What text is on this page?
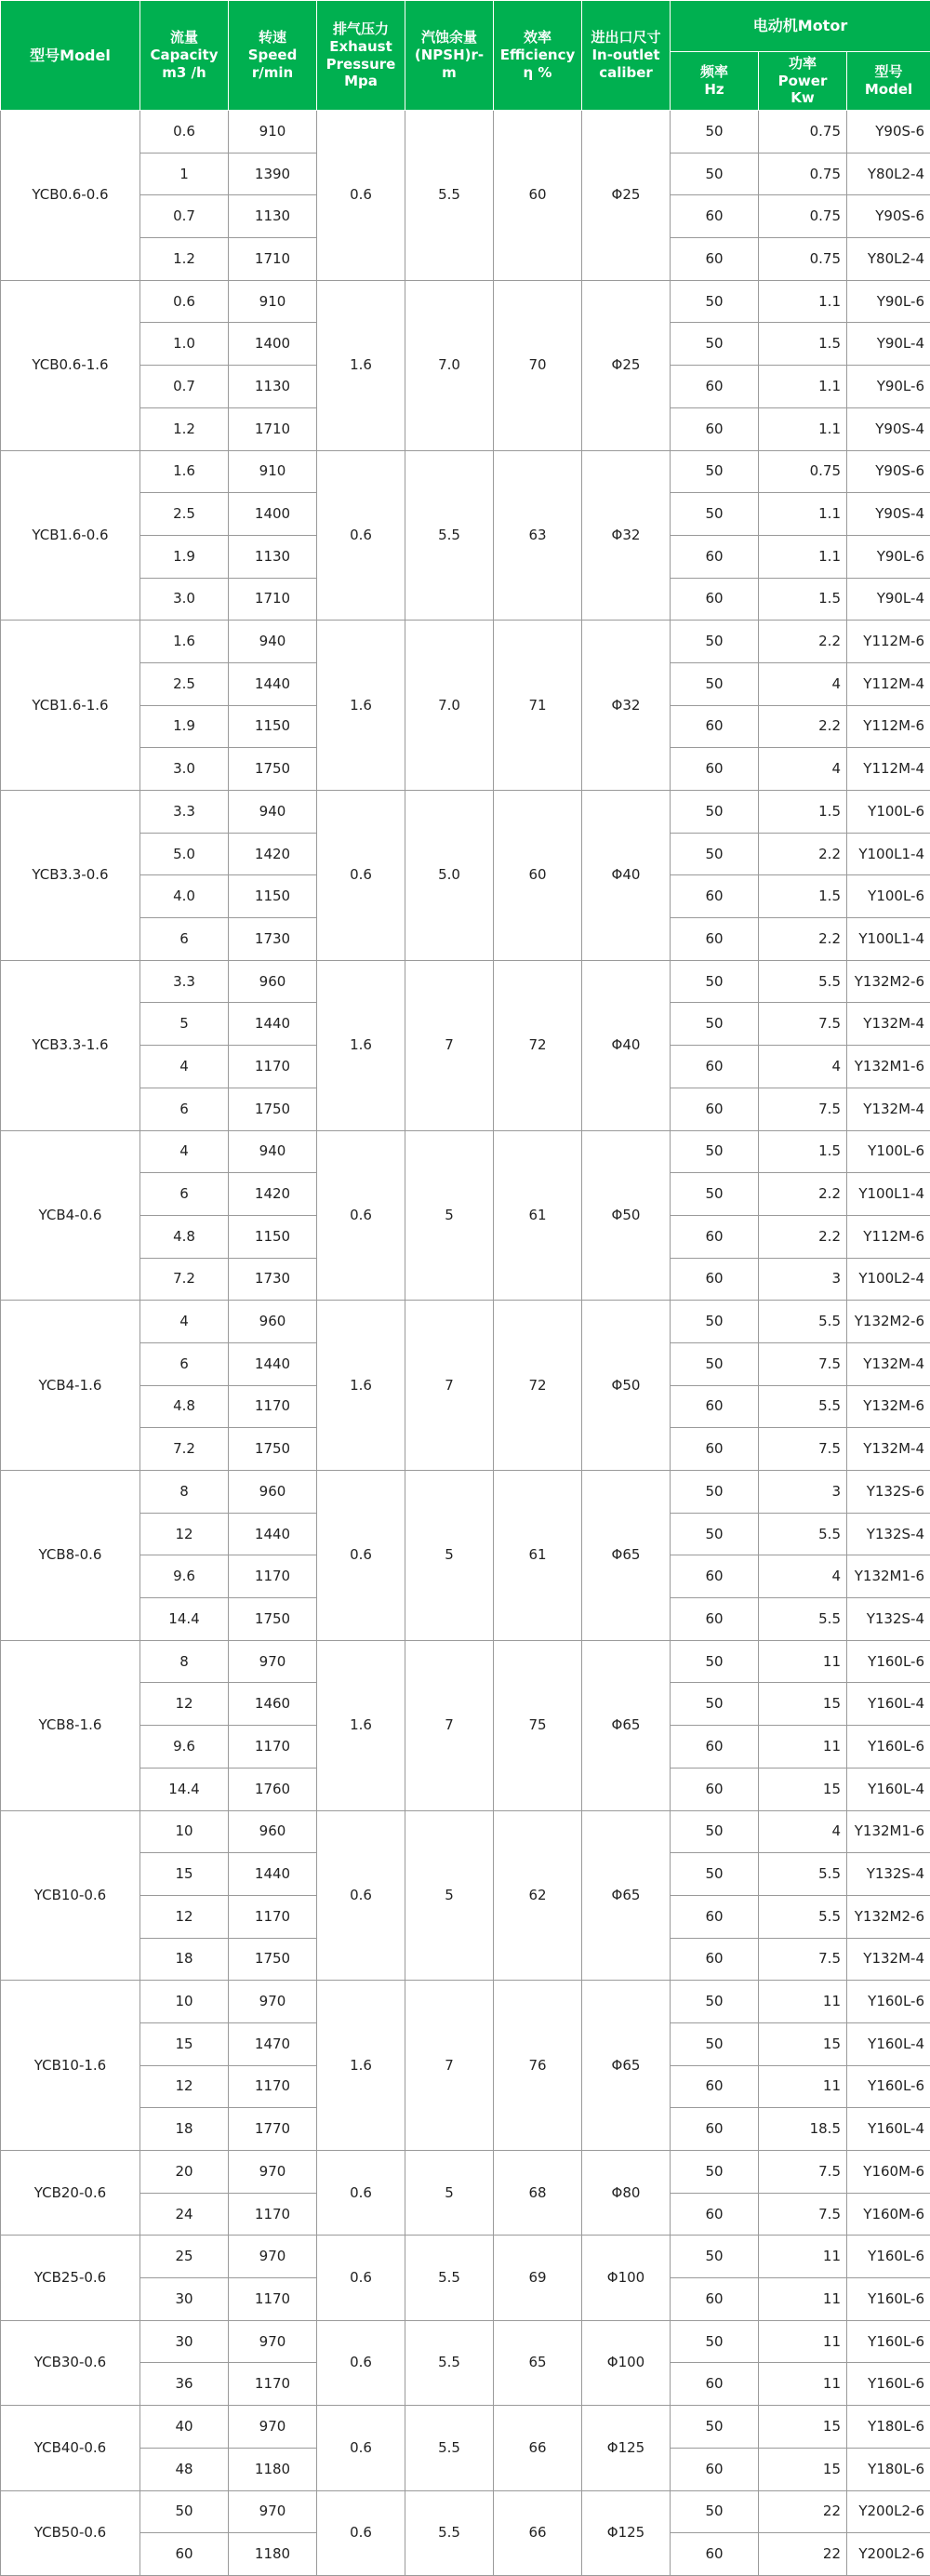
型号Model	流量
Capacity
m3 /h	转速
Speed
r/min	排气压力
Exhaust
Pressure
Mpa	汽蚀余量
(NPSH)r-
m	效率
Efficiency
η %	进出口尺寸
In-outlet
caliber	电动机Motor		

							频率
Hz	功率
Power
Kw	型号
Model

YCB0.6-0.6	0.6	910	0.6	5.5	60	Φ25	50	0.75	Y90S-6
	1	1390					50	0.75	Y80L2-4
	0.7	1130					60	0.75	Y90S-6
	1.2	1710					60	0.75	Y80L2-4
YCB0.6-1.6	0.6	910	1.6	7.0	70	Φ25	50	1.1	Y90L-6
	1.0	1400					50	1.5	Y90L-4
	0.7	1130					60	1.1	Y90L-6
	1.2	1710					60	1.1	Y90S-4
YCB1.6-0.6	1.6	910	0.6	5.5	63	Φ32	50	0.75	Y90S-6
	2.5	1400					50	1.1	Y90S-4
	1.9	1130					60	1.1	Y90L-6
	3.0	1710					60	1.5	Y90L-4
YCB1.6-1.6	1.6	940	1.6	7.0	71	Φ32	50	2.2	Y112M-6
	2.5	1440					50	4	Y112M-4
	1.9	1150					60	2.2	Y112M-6
	3.0	1750					60	4	Y112M-4
YCB3.3-0.6	3.3	940	0.6	5.0	60	Φ40	50	1.5	Y100L-6
	5.0	1420					50	2.2	Y100L1-4
	4.0	1150					60	1.5	Y100L-6
	6	1730					60	2.2	Y100L1-4
YCB3.3-1.6	3.3	960	1.6	7	72	Φ40	50	5.5	Y132M2-6
	5	1440					50	7.5	Y132M-4
	4	1170					60	4	Y132M1-6
	6	1750					60	7.5	Y132M-4
YCB4-0.6	4	940	0.6	5	61	Φ50	50	1.5	Y100L-6
	6	1420					50	2.2	Y100L1-4
	4.8	1150					60	2.2	Y112M-6
	7.2	1730					60	3	Y100L2-4
YCB4-1.6	4	960	1.6	7	72	Φ50	50	5.5	Y132M2-6
	6	1440					50	7.5	Y132M-4
	4.8	1170					60	5.5	Y132M-6
	7.2	1750					60	7.5	Y132M-4
YCB8-0.6	8	960	0.6	5	61	Φ65	50	3	Y132S-6
	12	1440					50	5.5	Y132S-4
	9.6	1170					60	4	Y132M1-6
	14.4	1750					60	5.5	Y132S-4
YCB8-1.6	8	970	1.6	7	75	Φ65	50	11	Y160L-6
	12	1460					50	15	Y160L-4
	9.6	1170					60	11	Y160L-6
	14.4	1760					60	15	Y160L-4
YCB10-0.6	10	960	0.6	5	62	Φ65	50	4	Y132M1-6
	15	1440					50	5.5	Y132S-4
	12	1170					60	5.5	Y132M2-6
	18	1750					60	7.5	Y132M-4
YCB10-1.6	10	970	1.6	7	76	Φ65	50	11	Y160L-6
	15	1470					50	15	Y160L-4
	12	1170					60	11	Y160L-6
	18	1770					60	18.5	Y160L-4
YCB20-0.6	20	970	0.6	5	68	Φ80	50	7.5	Y160M-6
	24	1170					60	7.5	Y160M-6
YCB25-0.6	25	970	0.6	5.5	69	Φ100	50	11	Y160L-6
	30	1170					60	11	Y160L-6
YCB30-0.6	30	970	0.6	5.5	65	Φ100	50	11	Y160L-6
	36	1170					60	11	Y160L-6
YCB40-0.6	40	970	0.6	5.5	66	Φ125	50	15	Y180L-6
	48	1180					60	15	Y180L-6
YCB50-0.6	50	970	0.6	5.5	66	Φ125	50	22	Y200L2-6
	60	1180					60	22	Y200L2-6
